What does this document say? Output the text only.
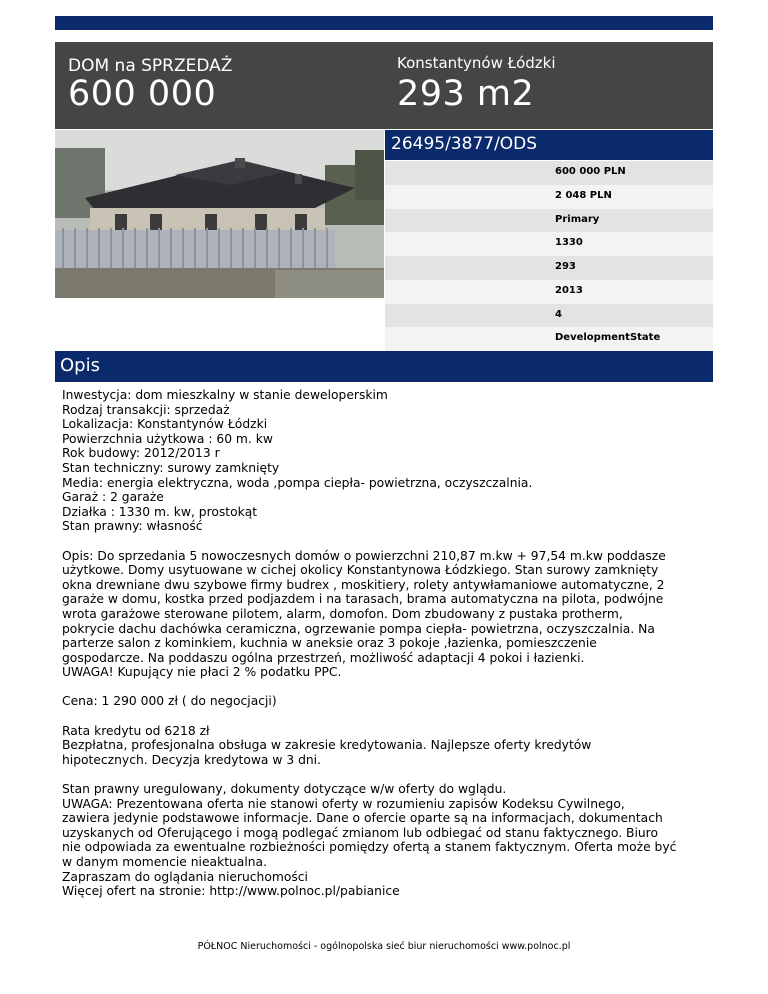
DOM na SPRZEDAŻ
600 000
Konstantynów Łódzki
293 m2
26495/3877/ODS
600 000 PLN
2 048 PLN
Primary
1330
293
2013
4
DevelopmentState
Opis

Inwestycja: dom mieszkalny w stanie deweloperskim
Rodzaj transakcji: sprzedaż
Lokalizacja: Konstantynów Łódzki
Powierzchnia użytkowa : 60 m. kw
Rok budowy: 2012/2013 r
Stan techniczny: surowy zamknięty
Media: energia elektryczna, woda ,pompa ciepła- powietrzna, oczyszczalnia.
Garaż : 2 garaże
Działka : 1330 m. kw, prostokąt
Stan prawny: własność

Opis: Do sprzedania 5 nowoczesnych domów o powierzchni 210,87 m.kw + 97,54 m.kw poddasze
użytkowe. Domy usytuowane w cichej okolicy Konstantynowa Łódzkiego. Stan surowy zamknięty
okna drewniane dwu szybowe firmy budrex , moskitiery, rolety antywłamaniowe automatyczne, 2
garaże w domu, kostka przed podjazdem i na tarasach, brama automatyczna na pilota, podwójne
wrota garażowe sterowane pilotem, alarm, domofon. Dom zbudowany z pustaka protherm,
pokrycie dachu dachówka ceramiczna, ogrzewanie pompa ciepła- powietrzna, oczyszczalnia. Na
parterze salon z kominkiem, kuchnia w aneksie oraz 3 pokoje ,łazienka, pomieszczenie
gospodarcze. Na poddaszu ogólna przestrzeń, możliwość adaptacji 4 pokoi i łazienki.
UWAGA! Kupujący nie płaci 2 % podatku PPC.

Cena: 1 290 000 zł ( do negocjacji)

Rata kredytu od 6218 zł
Bezpłatna, profesjonalna obsługa w zakresie kredytowania. Najlepsze oferty kredytów
hipotecznych. Decyzja kredytowa w 3 dni.

Stan prawny uregulowany, dokumenty dotyczące w/w oferty do wglądu.
UWAGA: Prezentowana oferta nie stanowi oferty w rozumieniu zapisów Kodeksu Cywilnego,
zawiera jedynie podstawowe informacje. Dane o ofercie oparte są na informacjach, dokumentach
uzyskanych od Oferującego i mogą podlegać zmianom lub odbiegać od stanu faktycznego. Biuro
nie odpowiada za ewentualne rozbieżności pomiędzy ofertą a stanem faktycznym. Oferta może być
w danym momencie nieaktualna.
Zapraszam do oglądania nieruchomości
Więcej ofert na stronie: http://www.polnoc.pl/pabianice

PÓŁNOC Nieruchomości - ogólnopolska sieć biur nieruchomości www.polnoc.pl
